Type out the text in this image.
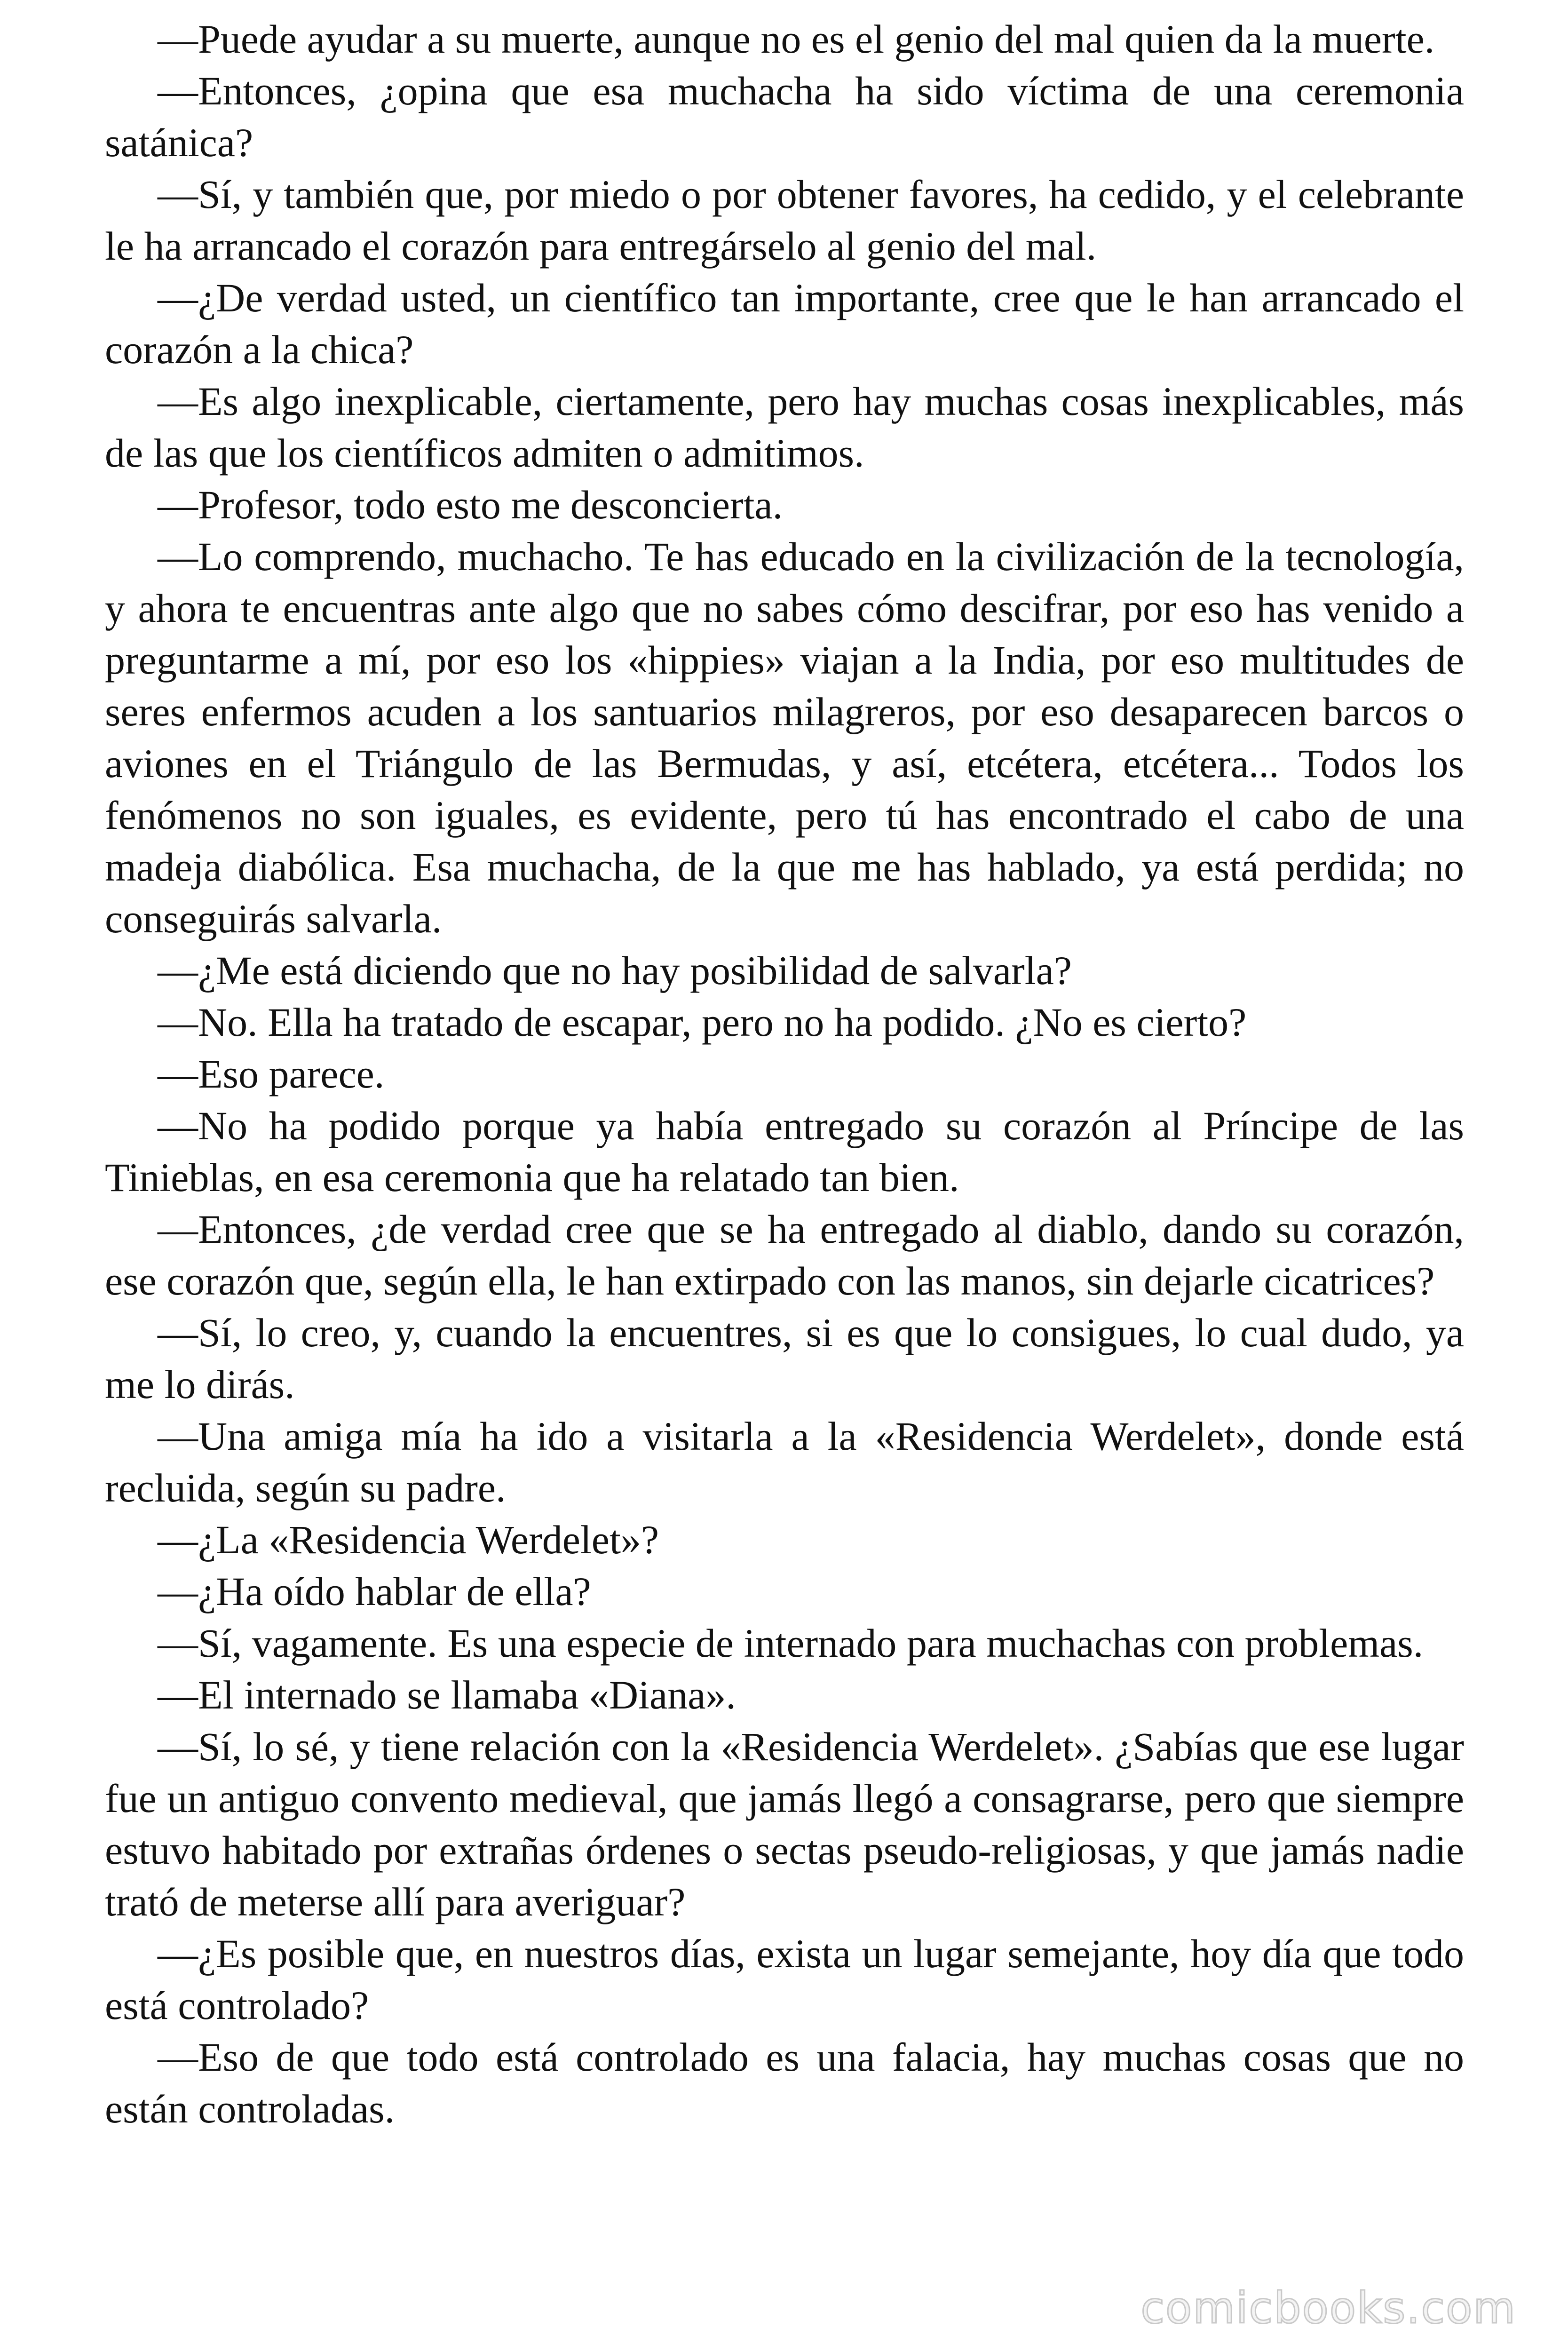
—Puede ayudar a su muerte, aunque no es el genio del mal quien da la muerte.

—Entonces, ¿opina que esa muchacha ha sido víctima de una ceremonia satánica?

—Sí, y también que, por miedo o por obtener favores, ha cedido, y el celebrante le ha arrancado el corazón para entregárselo al genio del mal.

—¿De verdad usted, un científico tan importante, cree que le han arrancado el corazón a la chica?

—Es algo inexplicable, ciertamente, pero hay muchas cosas inexplicables, más de las que los científicos admiten o admitimos.

—Profesor, todo esto me desconcierta.

—Lo comprendo, muchacho. Te has educado en la civilización de la tecnología, y ahora te encuentras ante algo que no sabes cómo descifrar, por eso has venido a preguntarme a mí, por eso los «hippies» viajan a la India, por eso multitudes de seres enfermos acuden a los santuarios milagreros, por eso desaparecen barcos o aviones en el Triángulo de las Bermudas, y así, etcétera, etcétera... Todos los fenómenos no son iguales, es evidente, pero tú has encontrado el cabo de una madeja diabólica. Esa muchacha, de la que me has hablado, ya está perdida; no conseguirás salvarla.

—¿Me está diciendo que no hay posibilidad de salvarla?

—No. Ella ha tratado de escapar, pero no ha podido. ¿No es cierto?

—Eso parece.

—No ha podido porque ya había entregado su corazón al Príncipe de las Tinieblas, en esa ceremonia que ha relatado tan bien.

—Entonces, ¿de verdad cree que se ha entregado al diablo, dando su corazón, ese corazón que, según ella, le han extirpado con las manos, sin dejarle cicatrices?

—Sí, lo creo, y, cuando la encuentres, si es que lo consigues, lo cual dudo, ya me lo dirás.

—Una amiga mía ha ido a visitarla a la «Residencia Werdelet», donde está recluida, según su padre.

—¿La «Residencia Werdelet»?

—¿Ha oído hablar de ella?

—Sí, vagamente. Es una especie de internado para muchachas con problemas.

—El internado se llamaba «Diana».

—Sí, lo sé, y tiene relación con la «Residencia Werdelet». ¿Sabías que ese lugar fue un antiguo convento medieval, que jamás llegó a consagrarse, pero que siempre estuvo habitado por extrañas órdenes o sectas pseudo-religiosas, y que jamás nadie trató de meterse allí para averiguar?

—¿Es posible que, en nuestros días, exista un lugar semejante, hoy día que todo está controlado?

—Eso de que todo está controlado es una falacia, hay muchas cosas que no están controladas.

comicbooks.com
